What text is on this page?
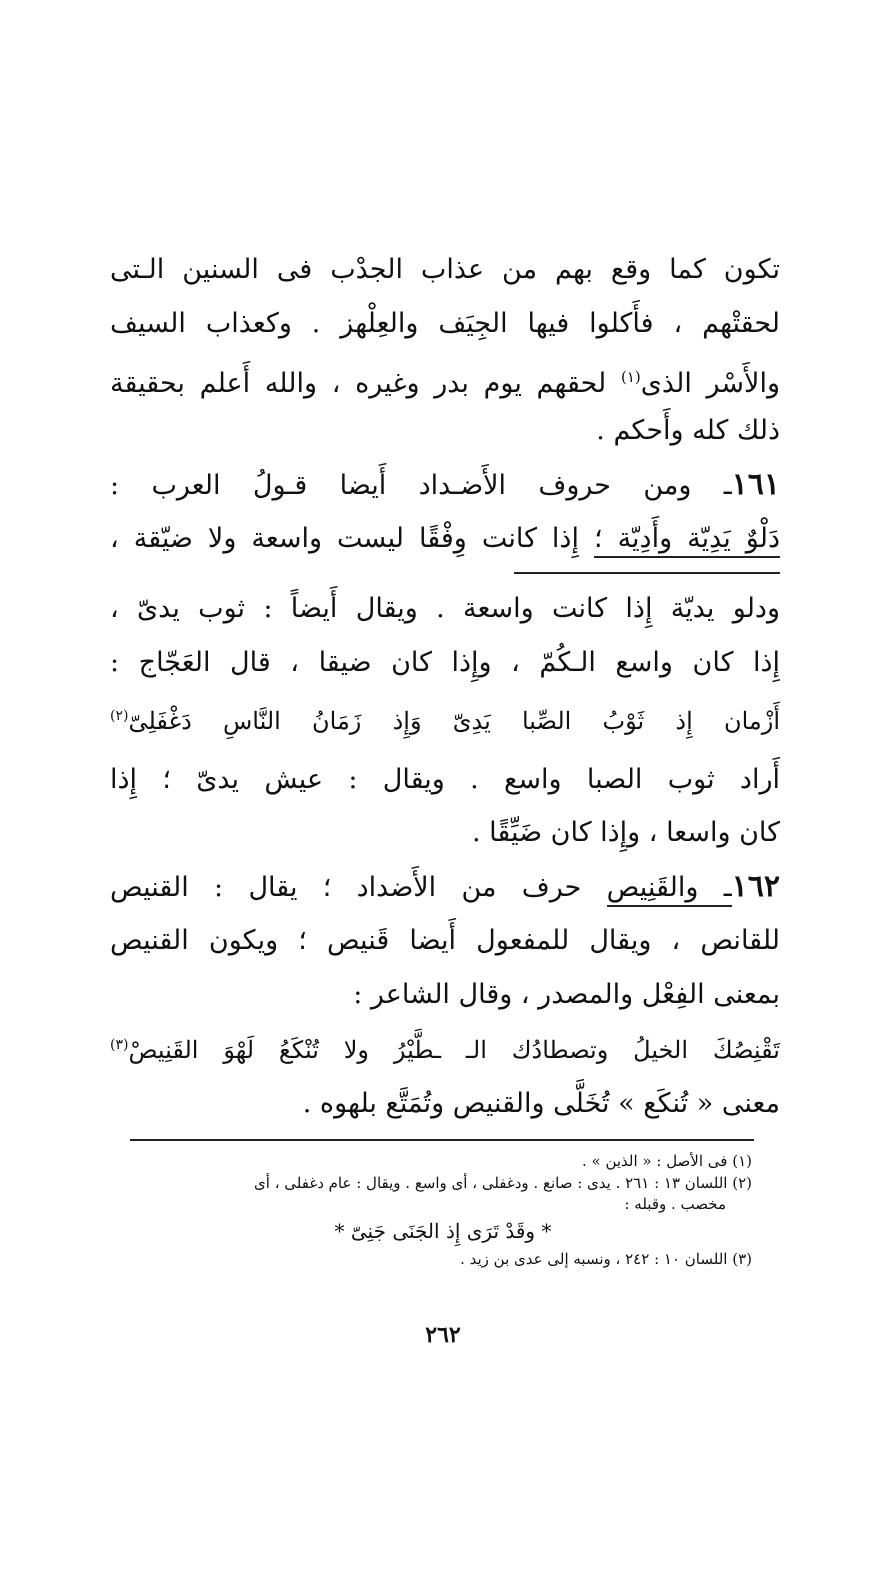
تكون كما وقع بهم من عذاب الجدْب فى السنين الـتى
لحقتْهم ، فأَكلوا فيها الجِيَف والعِلْهز . وكعذاب السيف
والأَسْر الذى$^{(١)}$ لحقهم يوم بدر وغيره ، والله أَعلم بحقيقة
ذلك كله وأَحكم .
١٦١ـ ومن حروف الأَضـداد أَيضا قـولُ العرب :
دَلْوٌ يَدِيّة وأَدِيّة ؛ إِذا كانت وِفْقًا ليست واسعة ولا ضيّقة ،
ودلو يديّة إِذا كانت واسعة . ويقال أَيضاً : ثوب يدىّ ،
إِذا كان واسع الـكُمّ ، وإِذا كان ضيقا ، قال العَجّاج :
أَزْمان إِذ ثَوْبُ الصِّبا يَدِىّ وَإِذ زَمَانُ النَّاسِ دَغْفَلِىّ$^{(٢)}$
أَراد ثوب الصبا واسع . ويقال : عيش يدىّ ؛ إِذا
كان واسعا ، وإِذا كان ضَيِّقًا .
١٦٢ـ والقَنِيص حرف من الأَضداد ؛ يقال : القنيص
للقانص ، ويقال للمفعول أَيضا قَنيص ؛ ويكون القنيص
بمعنى الفِعْل والمصدر ، وقال الشاعر :
تَقْنِصُكَ الخيلُ وتصطادُك الـ ـطَّيْرُ ولا تُنْكَعُ لَهْوَ القَنِيصْ$^{(٣)}$
معنى « تُنكَع » تُخَلَّى والقنيص وتُمَتَّع بلهوه .
(١) فى الأصل : « الذين » .
(٢) اللسان ١٣ : ٢٦١ . يدى : صانع . ودغفلى ، أى واسع . ويقال : عام دغفلى ، أى
مخصب . وقبله :
* وقَدْ تَرَى إِذ الجَنَى جَنِىّ *
(٣) اللسان ١٠ : ٢٤٢ ، ونسبه إلى عدى بن زيد .
٢٦٢
